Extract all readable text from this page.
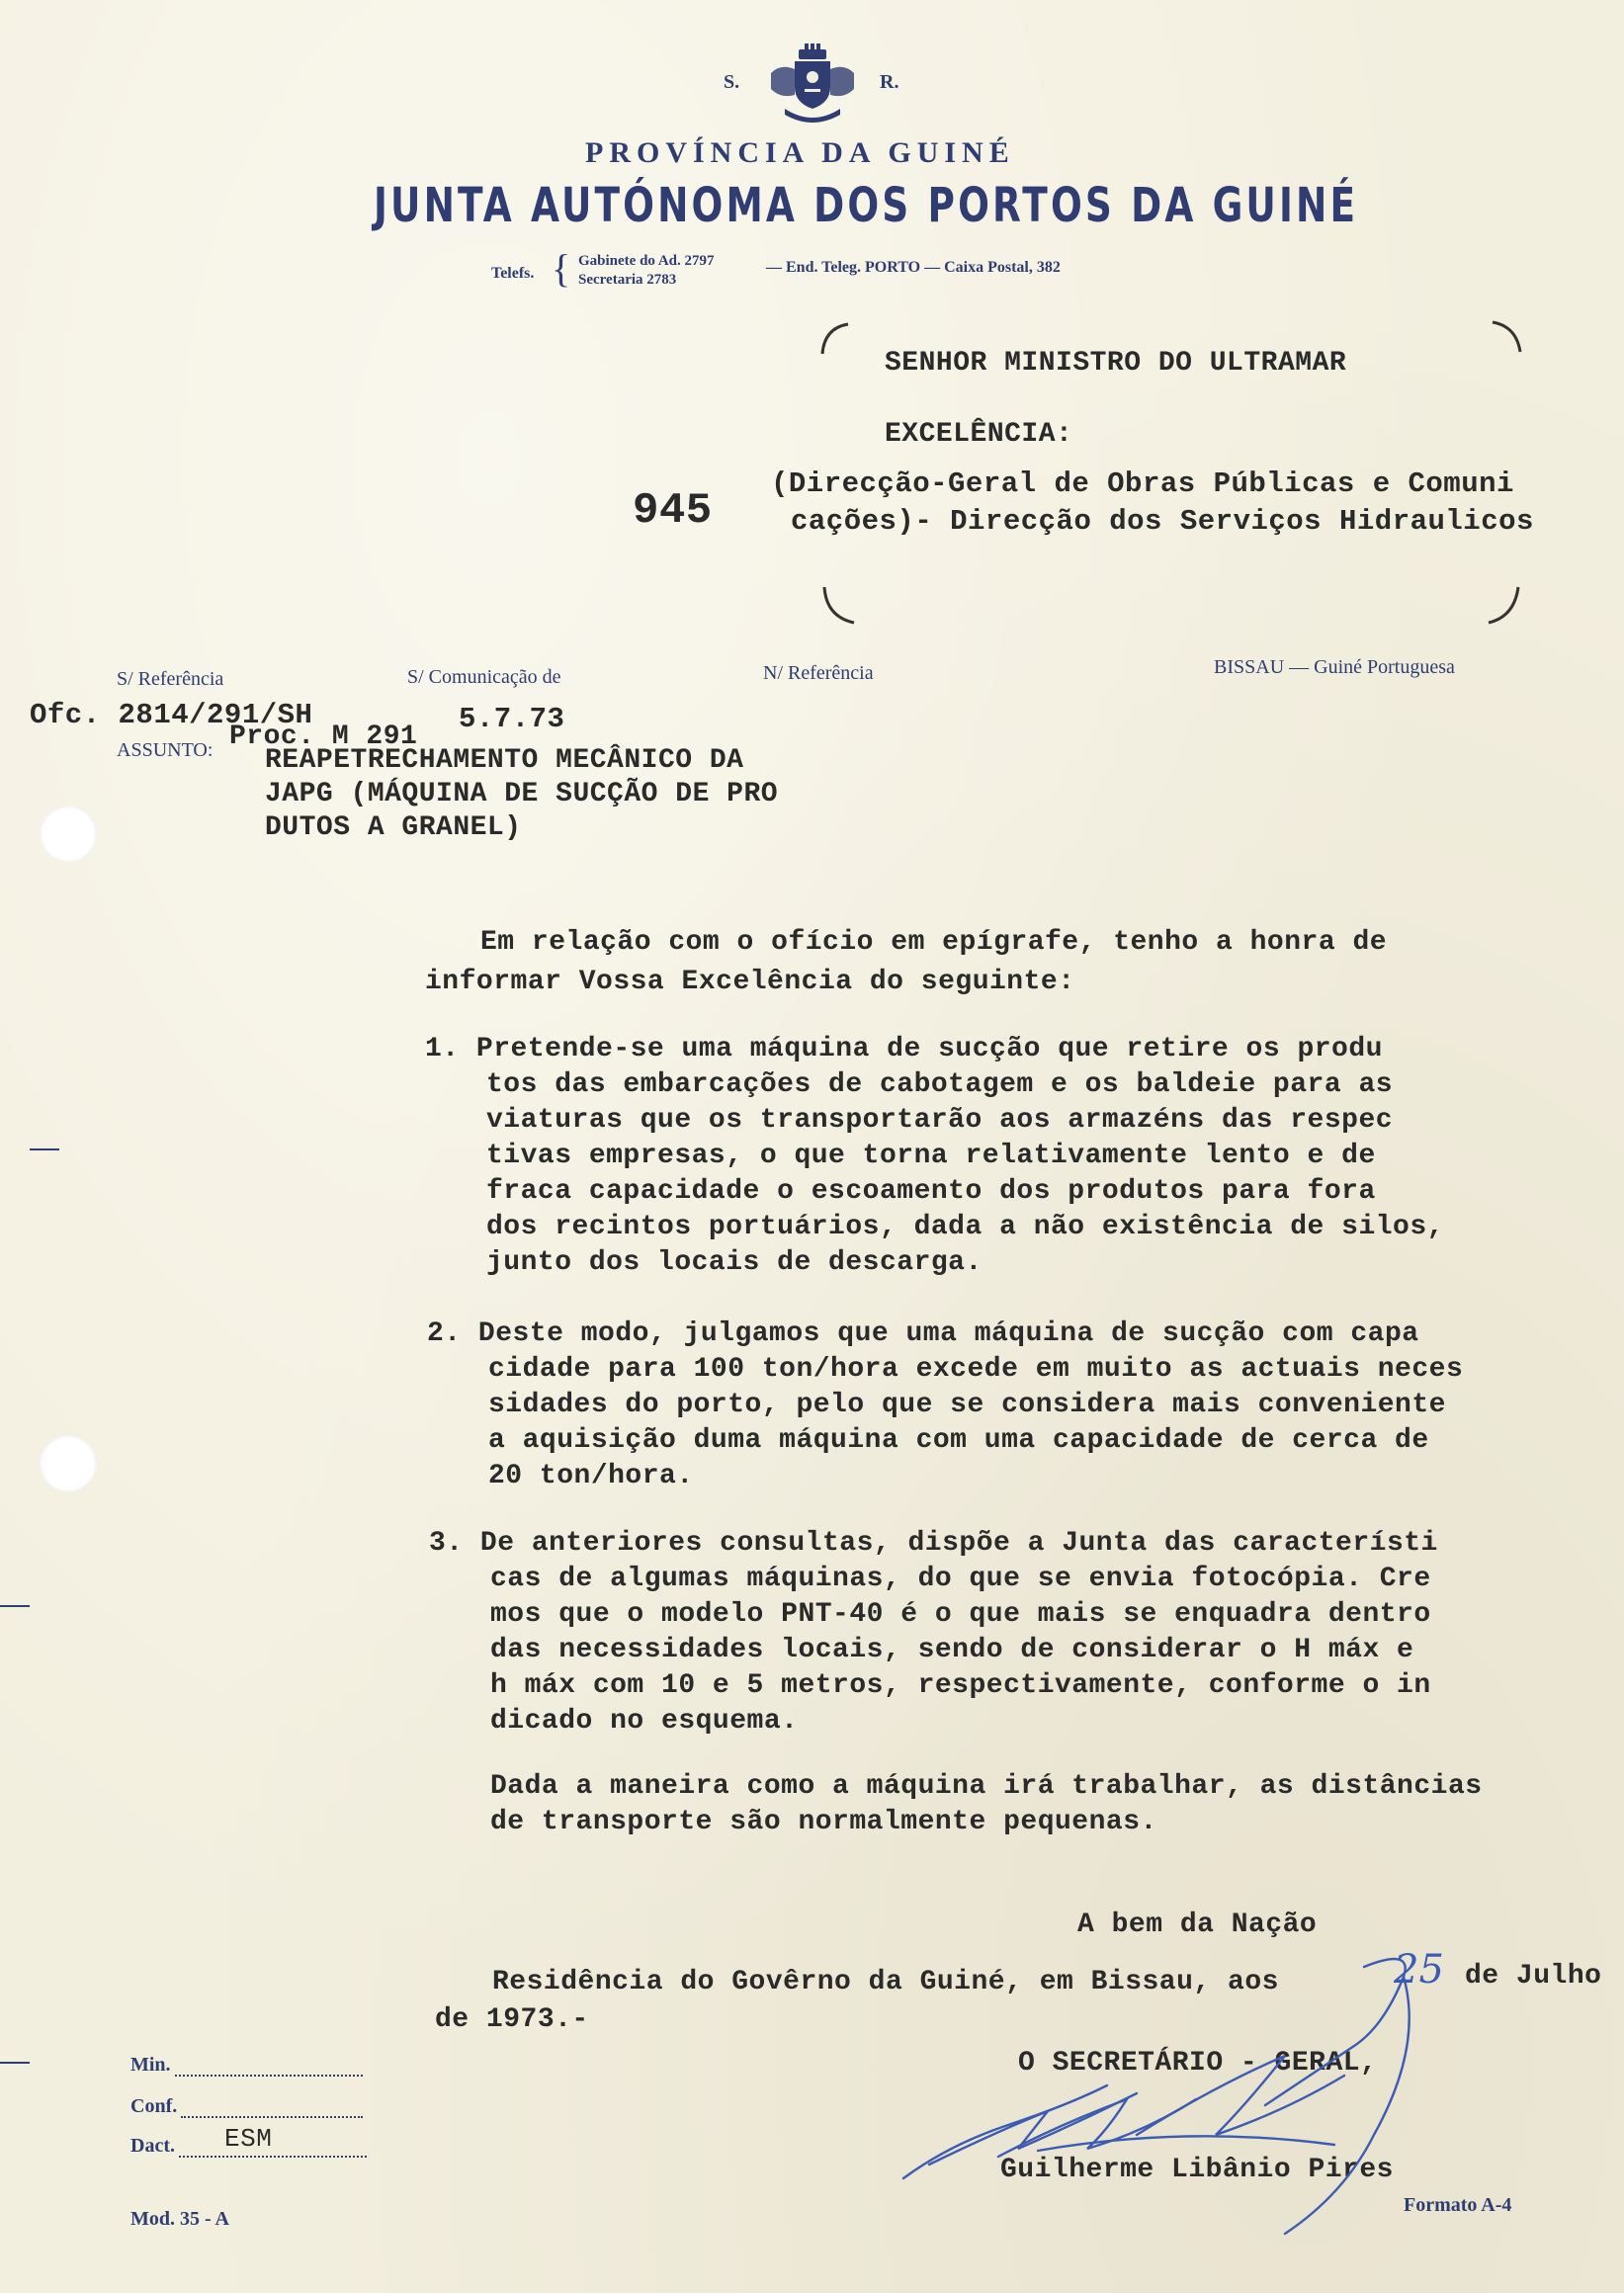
S.	R.
PROVÍNCIA DA GUINÉ
JUNTA AUTÓNOMA DOS PORTOS DA GUINÉ
Telefs. { Gabinete do Ad. 2797
Secretaria 2783
— End. Teleg. PORTO — Caixa Postal, 382
SENHOR MINISTRO DO ULTRAMAR
EXCELÊNCIA:
945
(Direcção-Geral de Obras Públicas e Comuni
cações)- Direcção dos Serviços Hidraulicos
S/ Referência	S/ Comunicação de	N/ Referência	BISSAU — Guiné Portuguesa
Ofc. 2814/291/SH	5.7.73
ASSUNTO: Proc. M 291
REAPETRECHAMENTO MECÂNICO DA
JAPG (MÁQUINA DE SUCÇÃO DE PRO
DUTOS A GRANEL)
Em relação com o ofício em epígrafe, tenho a honra de
informar Vossa Excelência do seguinte:
1. Pretende-se uma máquina de sucção que retire os produ
tos das embarcações de cabotagem e os baldeie para as
viaturas que os transportarão aos armazéns das respec
tivas empresas, o que torna relativamente lento e de
fraca capacidade o escoamento dos produtos para fora
dos recintos portuários, dada a não existência de silos,
junto dos locais de descarga.
2. Deste modo, julgamos que uma máquina de sucção com capa
cidade para 100 ton/hora excede em muito as actuais neces
sidades do porto, pelo que se considera mais conveniente
a aquisição duma máquina com uma capacidade de cerca de
20 ton/hora.
3. De anteriores consultas, dispõe a Junta das característi
cas de algumas máquinas, do que se envia fotocópia. Cre
mos que o modelo PNT-40 é o que mais se enquadra dentro
das necessidades locais, sendo de considerar o H máx e
h máx com 10 e 5 metros, respectivamente, conforme o in
dicado no esquema.
Dada a maneira como a máquina irá trabalhar, as distâncias
de transporte são normalmente pequenas.
A bem da Nação
Residência do Govêrno da Guiné, em Bissau, aos	25 de Julho
de 1973.-
O SECRETÁRIO - GERAL,
Guilherme Libânio Pires
Min.
Conf.
Dact. ESM
Mod. 35 - A
Formato A-4
